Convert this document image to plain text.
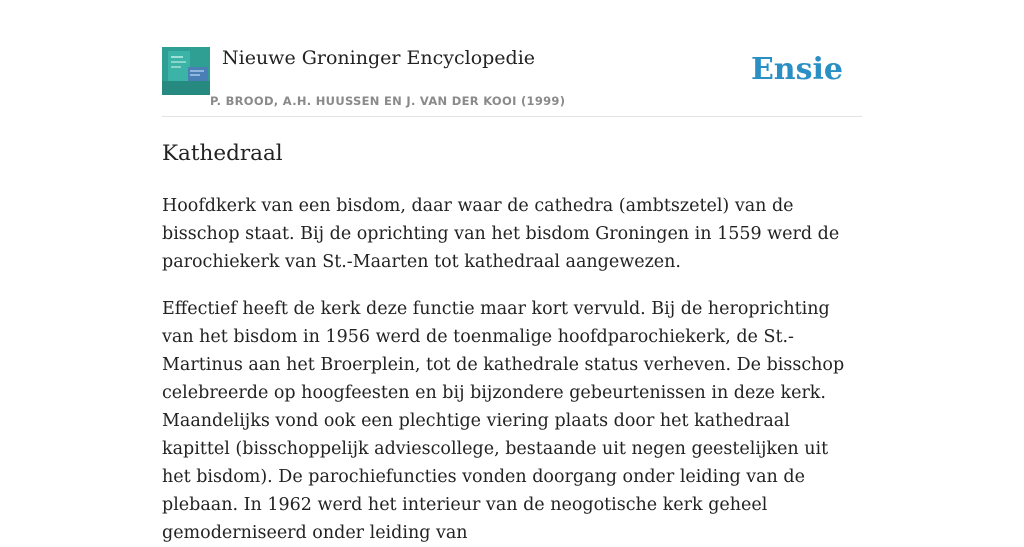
Nieuwe Groninger Encyclopedie
P. BROOD, A.H. HUUSSEN EN J. VAN DER KOOI (1999)
Ensie
Kathedraal

Hoofdkerk van een bisdom, daar waar de cathedra (ambtszetel) van de bisschop staat. Bij de oprichting van het bisdom Groningen in 1559 werd de parochiekerk van St.-Maarten tot kathedraal aangewezen.

Effectief heeft de kerk deze functie maar kort vervuld. Bij de heroprichting van het bisdom in 1956 werd de toenmalige hoofdparochiekerk, de St.-Martinus aan het Broerplein, tot de kathedrale status verheven. De bisschop celebreerde op hoogfeesten en bij bijzondere gebeurtenissen in deze kerk. Maandelijks vond ook een plechtige viering plaats door het kathedraal kapittel (bisschoppelijk adviescollege, bestaande uit negen geestelijken uit het bisdom). De parochiefuncties vonden doorgang onder leiding van de plebaan. In 1962 werd het interieur van de neogotische kerk geheel gemoderniseerd onder leiding van
